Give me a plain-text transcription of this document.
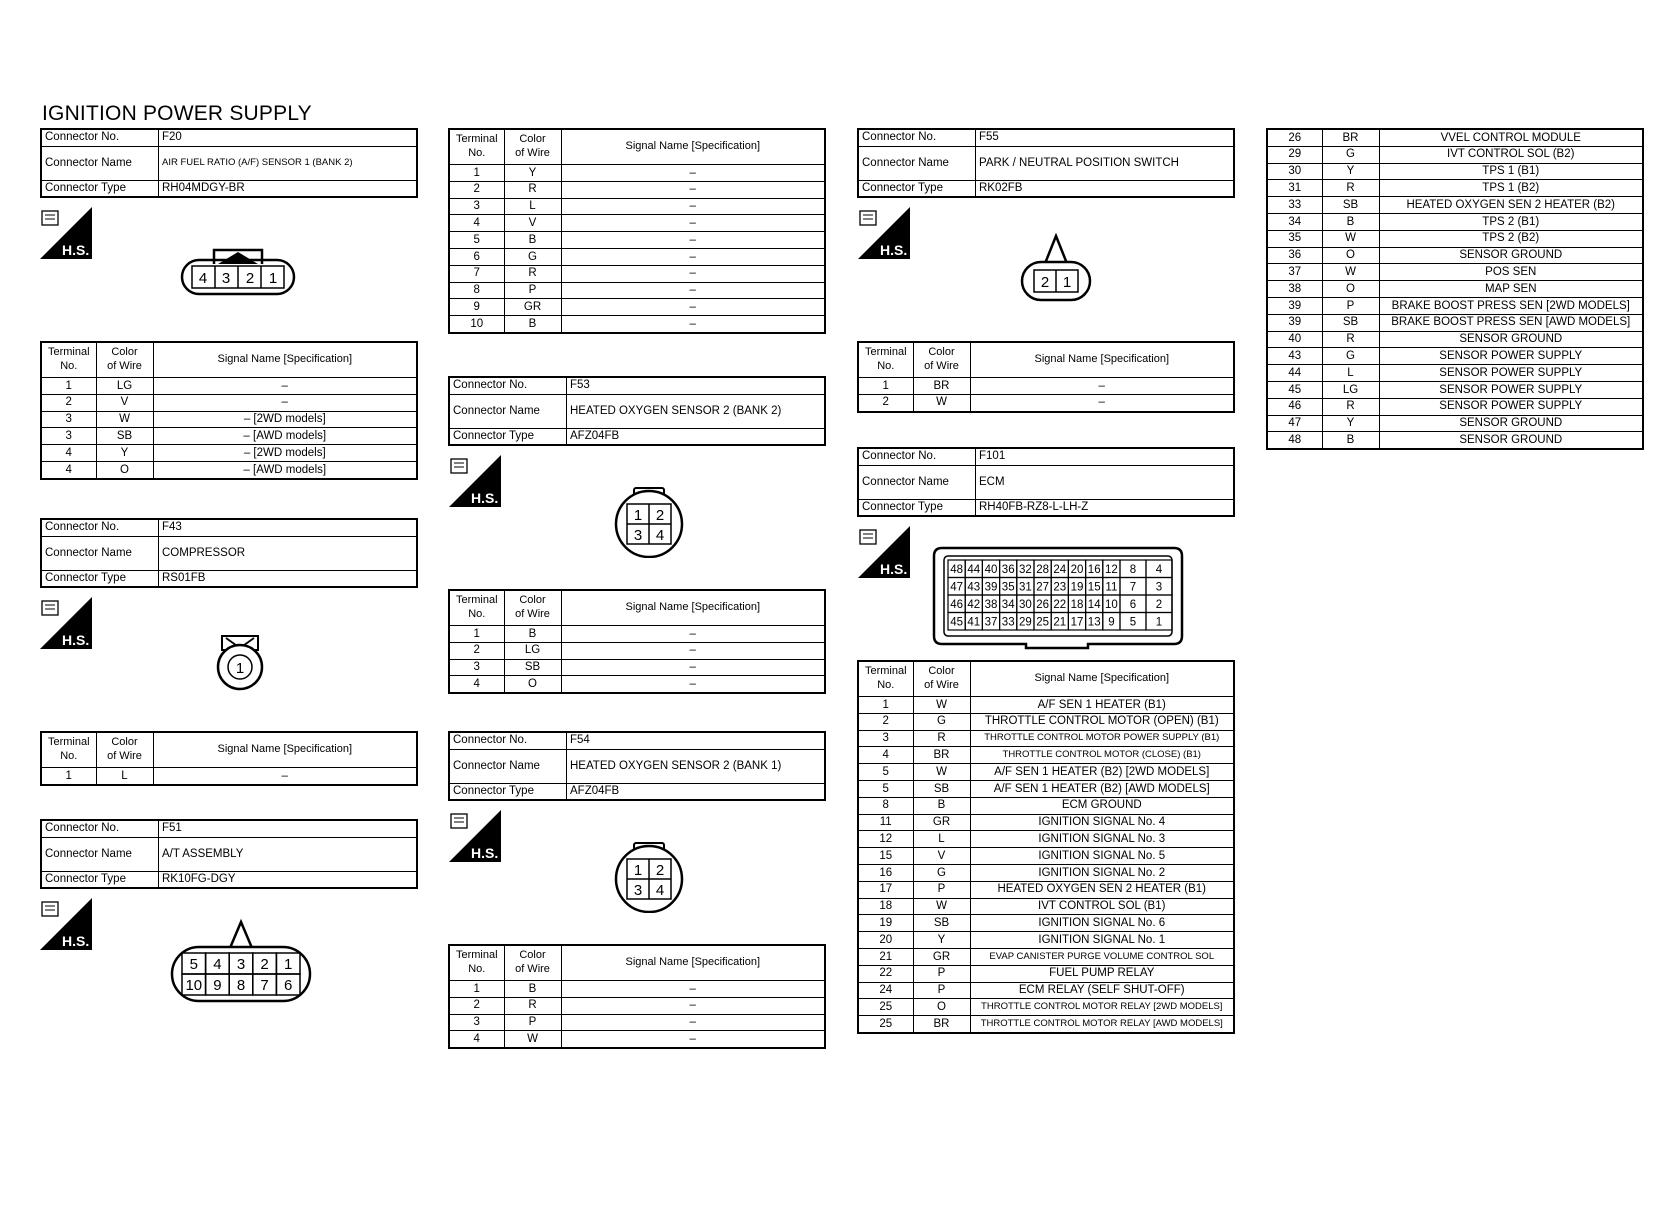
IGNITION POWER SUPPLY
Connector No.	F20
Connector Name	AIR FUEL RATIO (A/F) SENSOR 1 (BANK 2)
Connector Type	RH04MDGY-BR
H.S.
4 3 2 1
Terminal
No.	Color
of Wire	Signal Name [Specification]
1	LG	–
2	V	–
3	W	– [2WD models]
3	SB	– [AWD models]
4	Y	– [2WD models]
4	O	– [AWD models]
Connector No.	F43
Connector Name	COMPRESSOR
Connector Type	RS01FB
H.S.
1
Terminal
No.	Color
of Wire	Signal Name [Specification]
1	L	–
Connector No.	F51
Connector Name	A/T ASSEMBLY
Connector Type	RK10FG-DGY
H.S.
5 4 3 2 1
10 9 8 7 6
Terminal
No.	Color
of Wire	Signal Name [Specification]
1	Y	–
2	R	–
3	L	–
4	V	–
5	B	–
6	G	–
7	R	–
8	P	–
9	GR	–
10	B	–
Connector No.	F53
Connector Name	HEATED OXYGEN SENSOR 2 (BANK 2)
Connector Type	AFZ04FB
H.S.
1 2
3 4
Terminal
No.	Color
of Wire	Signal Name [Specification]
1	B	–
2	LG	–
3	SB	–
4	O	–
Connector No.	F54
Connector Name	HEATED OXYGEN SENSOR 2 (BANK 1)
Connector Type	AFZ04FB
H.S.
1 2
3 4
Terminal
No.	Color
of Wire	Signal Name [Specification]
1	B	–
2	R	–
3	P	–
4	W	–
Connector No.	F55
Connector Name	PARK / NEUTRAL POSITION SWITCH
Connector Type	RK02FB
H.S.
2 1
Terminal
No.	Color
of Wire	Signal Name [Specification]
1	BR	–
2	W	–
Connector No.	F101
Connector Name	ECM
Connector Type	RH40FB-RZ8-L-LH-Z
H.S.	48 44 40 36 32 28 24 20 16 12 8 4
47 43 39 35 31 27 23 19 15 11 7 3
46 42 38 34 30 26 22 18 14 10 6 2
45 41 37 33 29 25 21 17 13 9 5 1
Terminal
No.	Color
of Wire	Signal Name [Specification]
1	W	A/F SEN 1 HEATER (B1)
2	G	THROTTLE CONTROL MOTOR (OPEN) (B1)
3	R	THROTTLE CONTROL MOTOR POWER SUPPLY (B1)
4	BR	THROTTLE CONTROL MOTOR (CLOSE) (B1)
5	W	A/F SEN 1 HEATER (B2) [2WD MODELS]
5	SB	A/F SEN 1 HEATER (B2) [AWD MODELS]
8	B	ECM GROUND
11	GR	IGNITION SIGNAL No. 4
12	L	IGNITION SIGNAL No. 3
15	V	IGNITION SIGNAL No. 5
16	G	IGNITION SIGNAL No. 2
17	P	HEATED OXYGEN SEN 2 HEATER (B1)
18	W	IVT CONTROL SOL (B1)
19	SB	IGNITION SIGNAL No. 6
20	Y	IGNITION SIGNAL No. 1
21	GR	EVAP CANISTER PURGE VOLUME CONTROL SOL
22	P	FUEL PUMP RELAY
24	P	ECM RELAY (SELF SHUT-OFF)
25	O	THROTTLE CONTROL MOTOR RELAY [2WD MODELS]
25	BR	THROTTLE CONTROL MOTOR RELAY [AWD MODELS]
26	BR	VVEL CONTROL MODULE
29	G	IVT CONTROL SOL (B2)
30	Y	TPS 1 (B1)
31	R	TPS 1 (B2)
33	SB	HEATED OXYGEN SEN 2 HEATER (B2)
34	B	TPS 2 (B1)
35	W	TPS 2 (B2)
36	O	SENSOR GROUND
37	W	POS SEN
38	O	MAP SEN
39	P	BRAKE BOOST PRESS SEN [2WD MODELS]
39	SB	BRAKE BOOST PRESS SEN [AWD MODELS]
40	R	SENSOR GROUND
43	G	SENSOR POWER SUPPLY
44	L	SENSOR POWER SUPPLY
45	LG	SENSOR POWER SUPPLY
46	R	SENSOR POWER SUPPLY
47	Y	SENSOR GROUND
48	B	SENSOR GROUND
